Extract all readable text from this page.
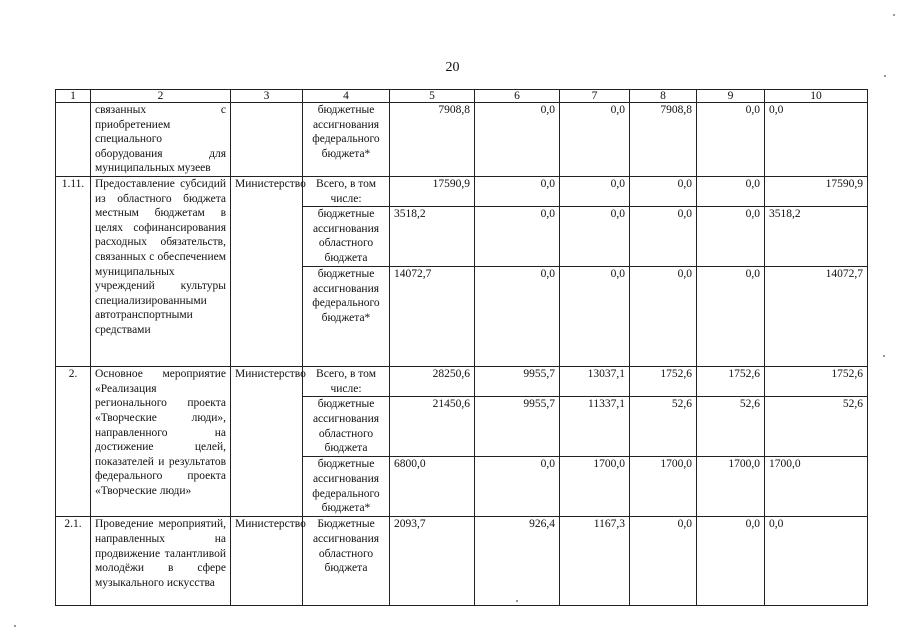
20
1	2	3	4	5	6	7	8	9	10
	связанных с приобретением специального оборудования для муниципальных музеев		бюджетные ассигнования федерального бюджета*	7908,8	0,0	0,0	7908,8	0,0	0,0
1.11.	Предоставление субсидий из областного бюджета местным бюджетам в целях софинансирования расходных обязательств, связанных с обеспечением муниципальных учреждений культуры специализированными автотранспортными средствами	Министерство	Всего, в том числе:	17590,9	0,0	0,0	0,0	0,0	17590,9
			бюджетные ассигнования областного бюджета	3518,2	0,0	0,0	0,0	0,0	3518,2
			бюджетные ассигнования федерального бюджета*	14072,7	0,0	0,0	0,0	0,0	14072,7
2.	Основное мероприятие «Реализация регионального проекта «Творческие люди», направленного на достижение целей, показателей и результатов федерального проекта «Творческие люди»	Министерство	Всего, в том числе:	28250,6	9955,7	13037,1	1752,6	1752,6	1752,6
			бюджетные ассигнования областного бюджета	21450,6	9955,7	11337,1	52,6	52,6	52,6
			бюджетные ассигнования федерального бюджета*	6800,0	0,0	1700,0	1700,0	1700,0	1700,0
2.1.	Проведение мероприятий, направленных на продвижение талантливой молодёжи в сфере музыкального искусства	Министерство	Бюджетные ассигнования областного бюджета	2093,7	926,4	1167,3	0,0	0,0	0,0
